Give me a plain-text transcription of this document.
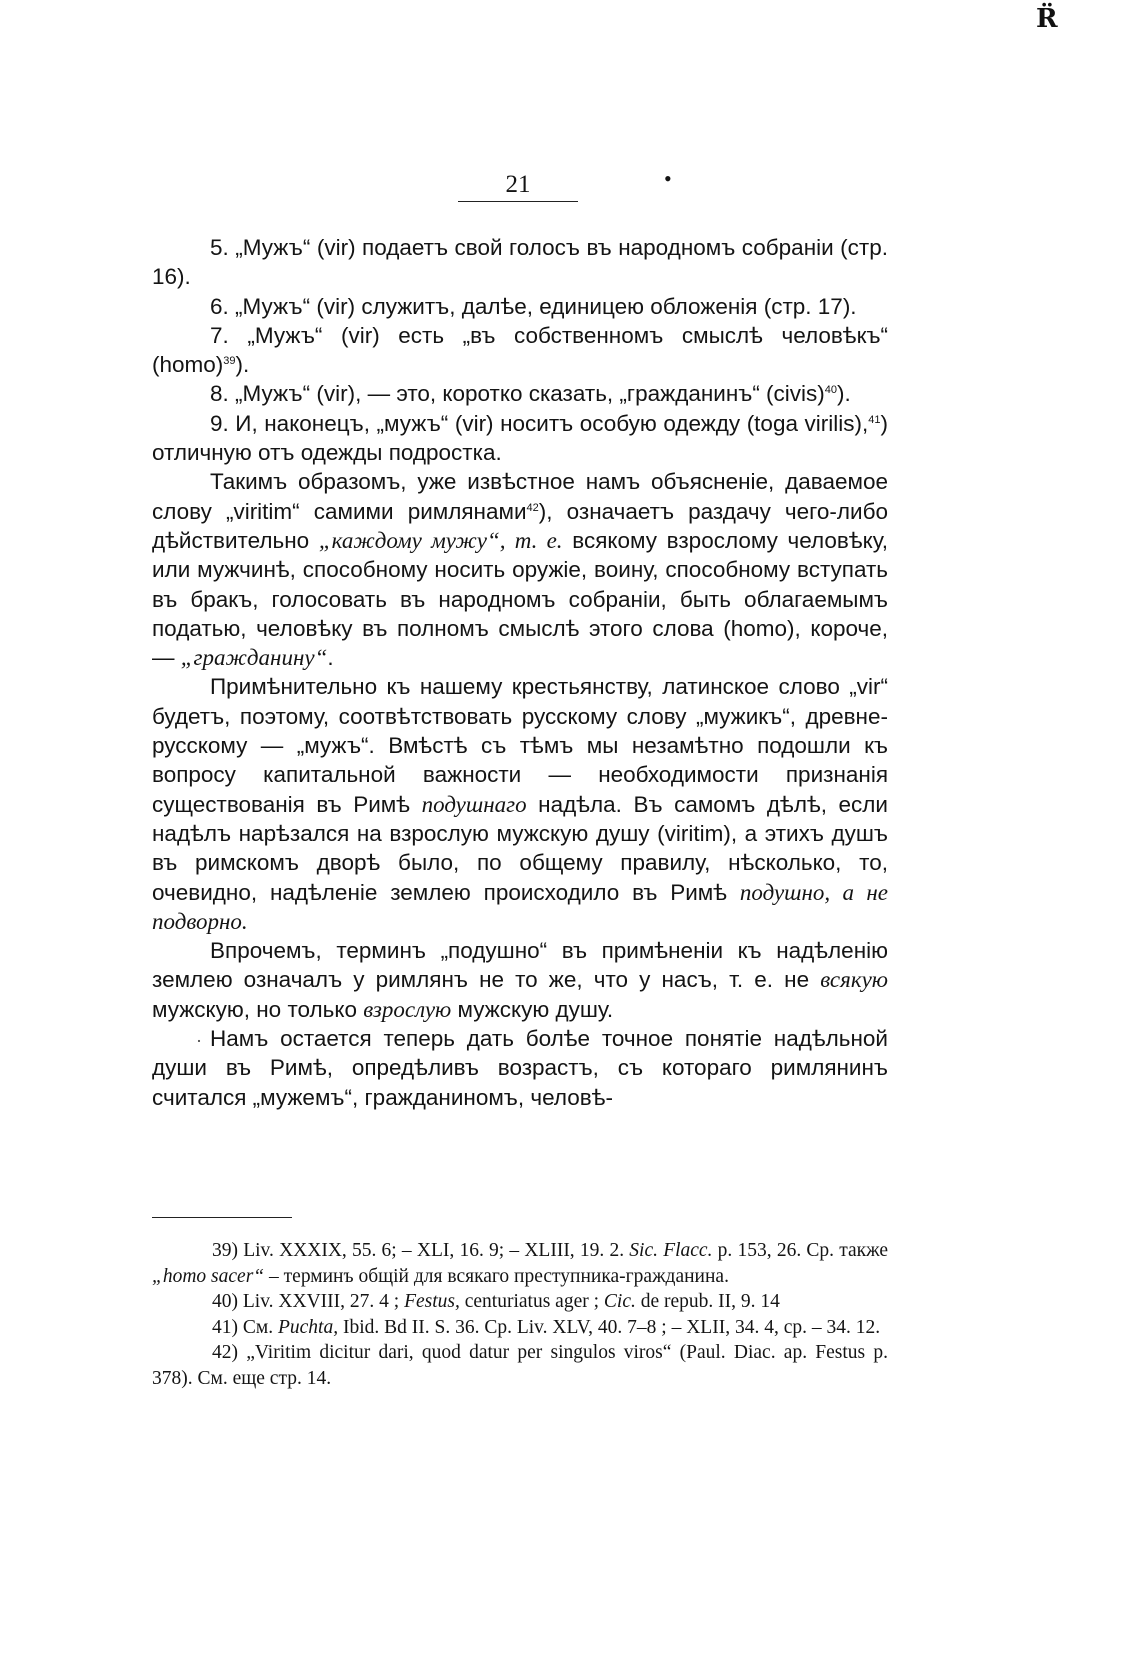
R̈
•
21
·

5. „Мужъ“ (vir) подаетъ свой голосъ въ народномъ собраніи (стр. 16).

6. „Мужъ“ (vir) служитъ, далѣе, единицею обложенія (стр. 17).

7. „Мужъ“ (vir) есть „въ собственномъ смыслѣ человѣкъ“ (homo)$^{39}$).

8. „Мужъ“ (vir), — это, коротко сказать, „гражданинъ“ (civis)$^{40}$).

9. И, наконецъ, „мужъ“ (vir) носитъ особую одежду (toga virilis),$^{41}$) отличную отъ одежды подростка.

Такимъ образомъ, уже извѣстное намъ объясненіе, даваемое слову „viritim“ самими римлянами$^{42}$), означаетъ раздачу чего-либо дѣйствительно „каждому мужу“, т. е. всякому взрослому человѣку, или мужчинѣ, способному носить оружіе, воину, способному вступать въ бракъ, голосовать въ народномъ собраніи, быть облагаемымъ податью, человѣку въ полномъ смыслѣ этого слова (homo), короче, — „гражданину“.

Примѣнительно къ нашему крестьянству, латинское слово „vir“ будетъ, поэтому, соотвѣтствовать русскому слову „мужикъ“, древне-русскому — „мужъ“. Вмѣстѣ съ тѣмъ мы незамѣтно подошли къ вопросу капитальной важности — необходимости признанія существованія въ Римѣ подушнаго надѣла. Въ самомъ дѣлѣ, если надѣлъ нарѣзался на взрослую мужскую душу (viritim), а этихъ душъ въ римскомъ дворѣ было, по общему правилу, нѣсколько, то, очевидно, надѣленіе землею происходило въ Римѣ подушно, а не подворно.

Впрочемъ, терминъ „подушно“ въ примѣненіи къ надѣленію землею означалъ у римлянъ не то же, что у насъ, т. е. не всякую мужскую, но только взрослую мужскую душу.

Намъ остается теперь дать болѣе точное понятіе надѣльной души въ Римѣ, опредѣливъ возрастъ, съ котораго римлянинъ считался „мужемъ“, гражданиномъ, человѣ-

39) Liv. XXXIX, 55. 6; – XLI, 16. 9; – XLIII, 19. 2. Sic. Flacc. p. 153, 26. Ср. также „homo sacer“ – терминъ общій для всякаго преступника-гражданина.

40) Liv. XXVIII, 27. 4 ; Festus, centuriatus ager ; Cic. de repub. II, 9. 14

41) См. Puchta, Ibid. Bd II. S. 36. Ср. Liv. XLV, 40. 7–8 ; – XLII, 34. 4, ср. – 34. 12.

42) „Viritim dicitur dari, quod datur per singulos viros“ (Paul. Diac. ap. Festus p. 378). См. еще стр. 14.
